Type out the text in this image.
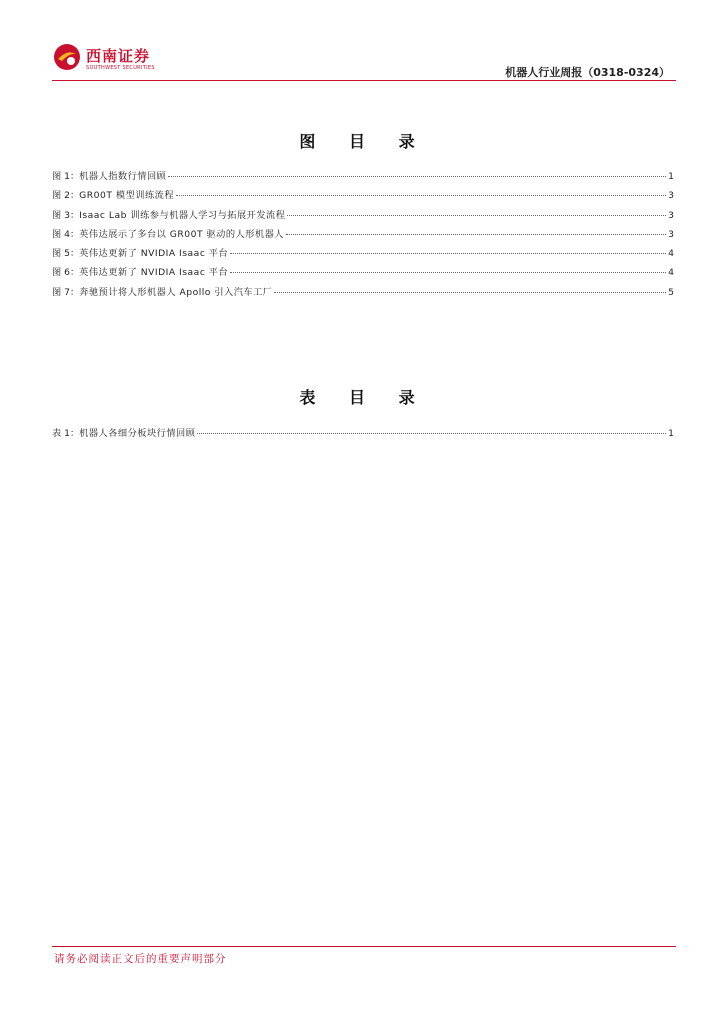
西南证券
SOUTHWEST SECURITIES	机器人行业周报（0318-0324）
图 目 录
图 1： 机器人指数行情回顾	1
图 2： GR00T 模型训练流程	3
图 3： Isaac Lab 训练参与机器人学习与拓展开发流程	3
图 4： 英伟达展示了多台以 GR00T 驱动的人形机器人	3
图 5： 英伟达更新了 NVIDIA Isaac 平台	4
图 6： 英伟达更新了 NVIDIA Isaac 平台	4
图 7： 奔驰预计将人形机器人 Apollo 引入汽车工厂	5
表 目 录
表 1： 机器人各细分板块行情回顾	1
请务必阅读正文后的重要声明部分
